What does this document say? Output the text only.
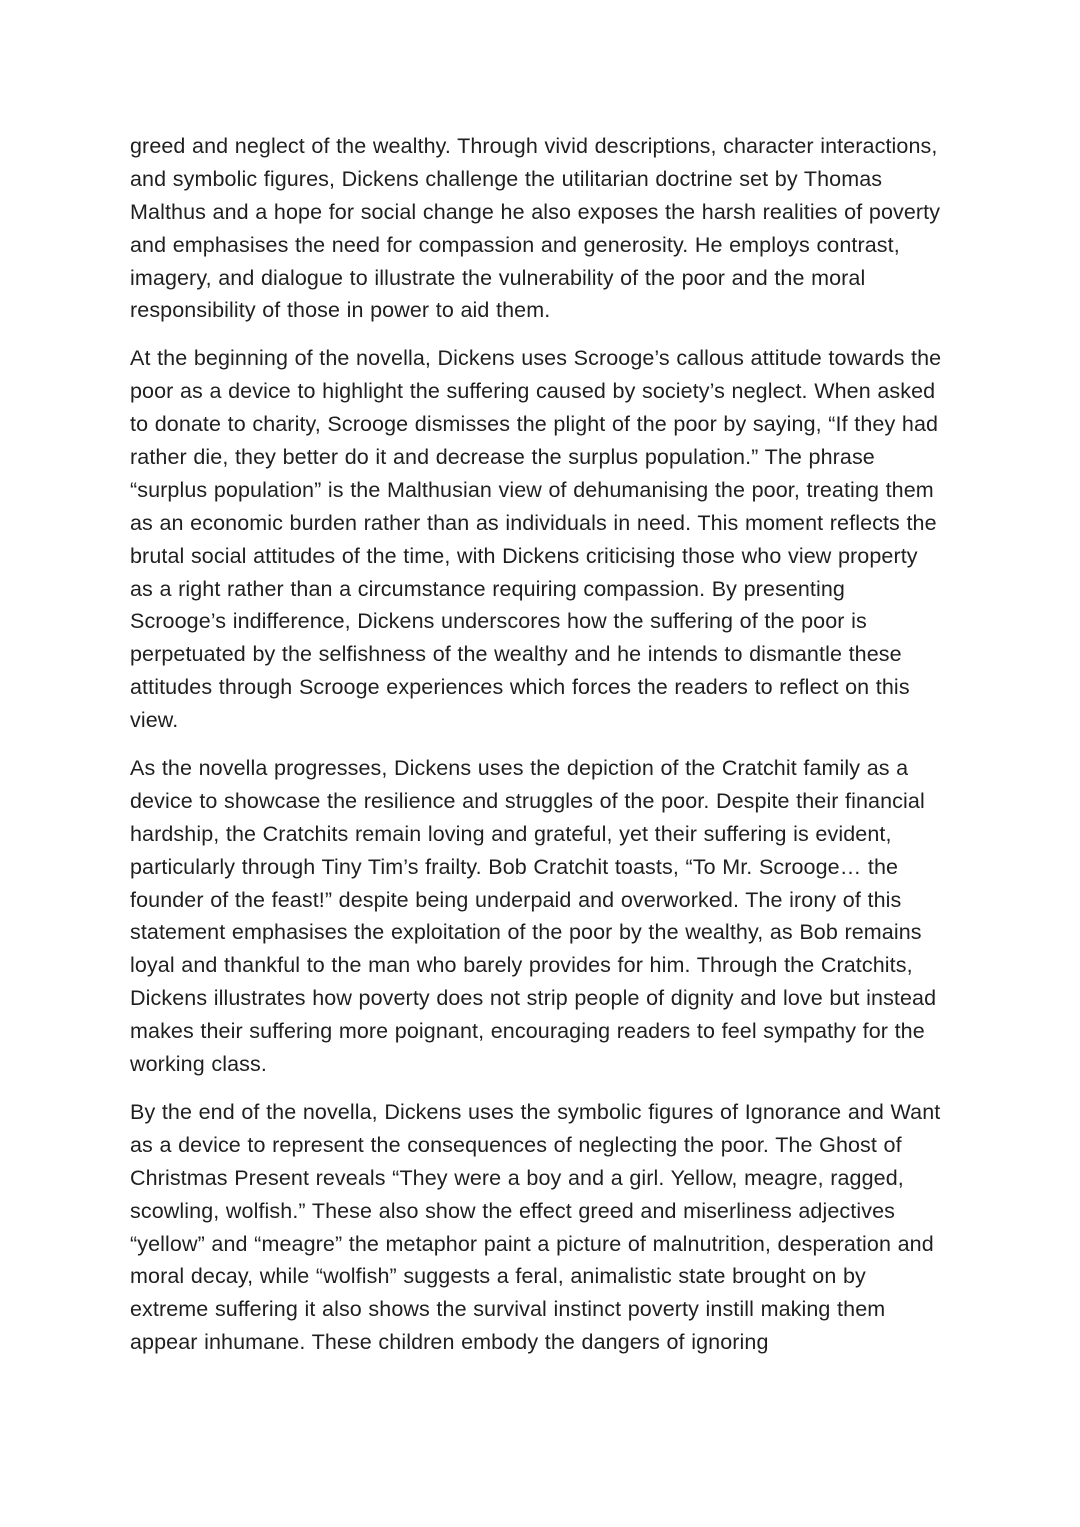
greed and neglect of the wealthy. Through vivid descriptions, character interactions, and symbolic figures, Dickens challenge the utilitarian doctrine set by Thomas Malthus and a hope for social change he also exposes the harsh realities of poverty and emphasises the need for compassion and generosity. He employs contrast, imagery, and dialogue to illustrate the vulnerability of the poor and the moral responsibility of those in power to aid them.

At the beginning of the novella, Dickens uses Scrooge’s callous attitude towards the poor as a device to highlight the suffering caused by society’s neglect. When asked to donate to charity, Scrooge dismisses the plight of the poor by saying, “If they had rather die, they better do it and decrease the surplus population.” The phrase “surplus population” is the Malthusian view of dehumanising the poor, treating them as an economic burden rather than as individuals in need. This moment reflects the brutal social attitudes of the time, with Dickens criticising those who view property as a right rather than a circumstance requiring compassion. By presenting Scrooge’s indifference, Dickens underscores how the suffering of the poor is perpetuated by the selfishness of the wealthy and he intends to dismantle these attitudes through Scrooge experiences which forces the readers to reflect on this view.

As the novella progresses, Dickens uses the depiction of the Cratchit family as a device to showcase the resilience and struggles of the poor. Despite their financial hardship, the Cratchits remain loving and grateful, yet their suffering is evident, particularly through Tiny Tim’s frailty. Bob Cratchit toasts, “To Mr. Scrooge… the founder of the feast!” despite being underpaid and overworked. The irony of this statement emphasises the exploitation of the poor by the wealthy, as Bob remains loyal and thankful to the man who barely provides for him. Through the Cratchits, Dickens illustrates how poverty does not strip people of dignity and love but instead makes their suffering more poignant, encouraging readers to feel sympathy for the working class.

By the end of the novella, Dickens uses the symbolic figures of Ignorance and Want as a device to represent the consequences of neglecting the poor. The Ghost of Christmas Present reveals “They were a boy and a girl. Yellow, meagre, ragged, scowling, wolfish.” These also show the effect greed and miserliness adjectives “yellow” and “meagre” the metaphor paint a picture of malnutrition, desperation and moral decay, while “wolfish” suggests a feral, animalistic state brought on by extreme suffering it also shows the survival instinct poverty instill making them appear inhumane. These children embody the dangers of ignoring
